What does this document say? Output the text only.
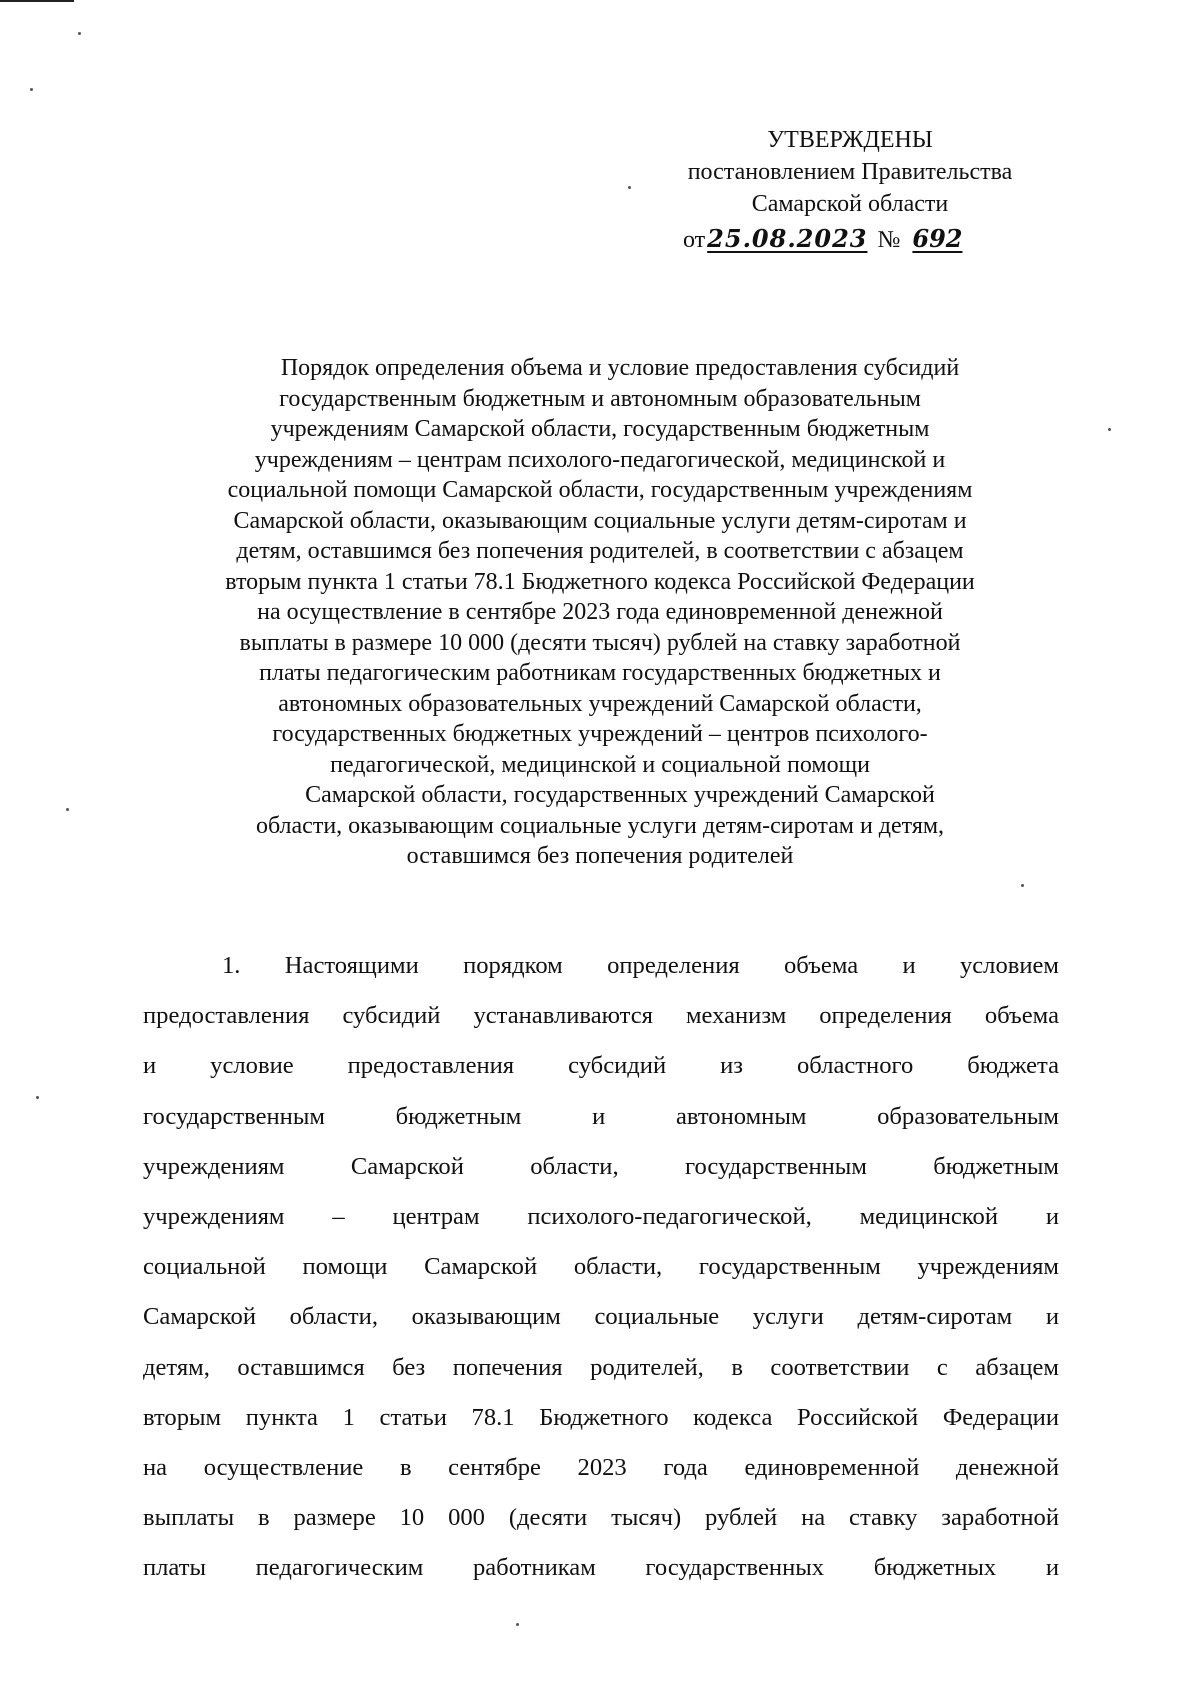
УТВЕРЖДЕНЫ
постановлением Правительства
Самарской области
от25.08.2023 № 692
Порядок определения объема и условие предоставления субсидий
государственным бюджетным и автономным образовательным
учреждениям Самарской области, государственным бюджетным
учреждениям – центрам психолого-педагогической, медицинской и
социальной помощи Самарской области, государственным учреждениям
Самарской области, оказывающим социальные услуги детям-сиротам и
детям, оставшимся без попечения родителей, в соответствии с абзацем
вторым пункта 1 статьи 78.1 Бюджетного кодекса Российской Федерации
на осуществление в сентябре 2023 года единовременной денежной
выплаты в размере 10 000 (десяти тысяч) рублей на ставку заработной
платы педагогическим работникам государственных бюджетных и
автономных образовательных учреждений Самарской области,
государственных бюджетных учреждений – центров психолого-
педагогической, медицинской и социальной помощи
Самарской области, государственных учреждений Самарской
области, оказывающим социальные услуги детям-сиротам и детям,
оставшимся без попечения родителей
1. Настоящими порядком определения объема и условием
предоставления субсидий устанавливаются механизм определения объема
и условие предоставления субсидий из областного бюджета
государственным бюджетным и автономным образовательным
учреждениям Самарской области, государственным бюджетным
учреждениям – центрам психолого-педагогической, медицинской и
социальной помощи Самарской области, государственным учреждениям
Самарской области, оказывающим социальные услуги детям-сиротам и
детям, оставшимся без попечения родителей, в соответствии с абзацем
вторым пункта 1 статьи 78.1 Бюджетного кодекса Российской Федерации
на осуществление в сентябре 2023 года единовременной денежной
выплаты в размере 10 000 (десяти тысяч) рублей на ставку заработной
платы педагогическим работникам государственных бюджетных и
